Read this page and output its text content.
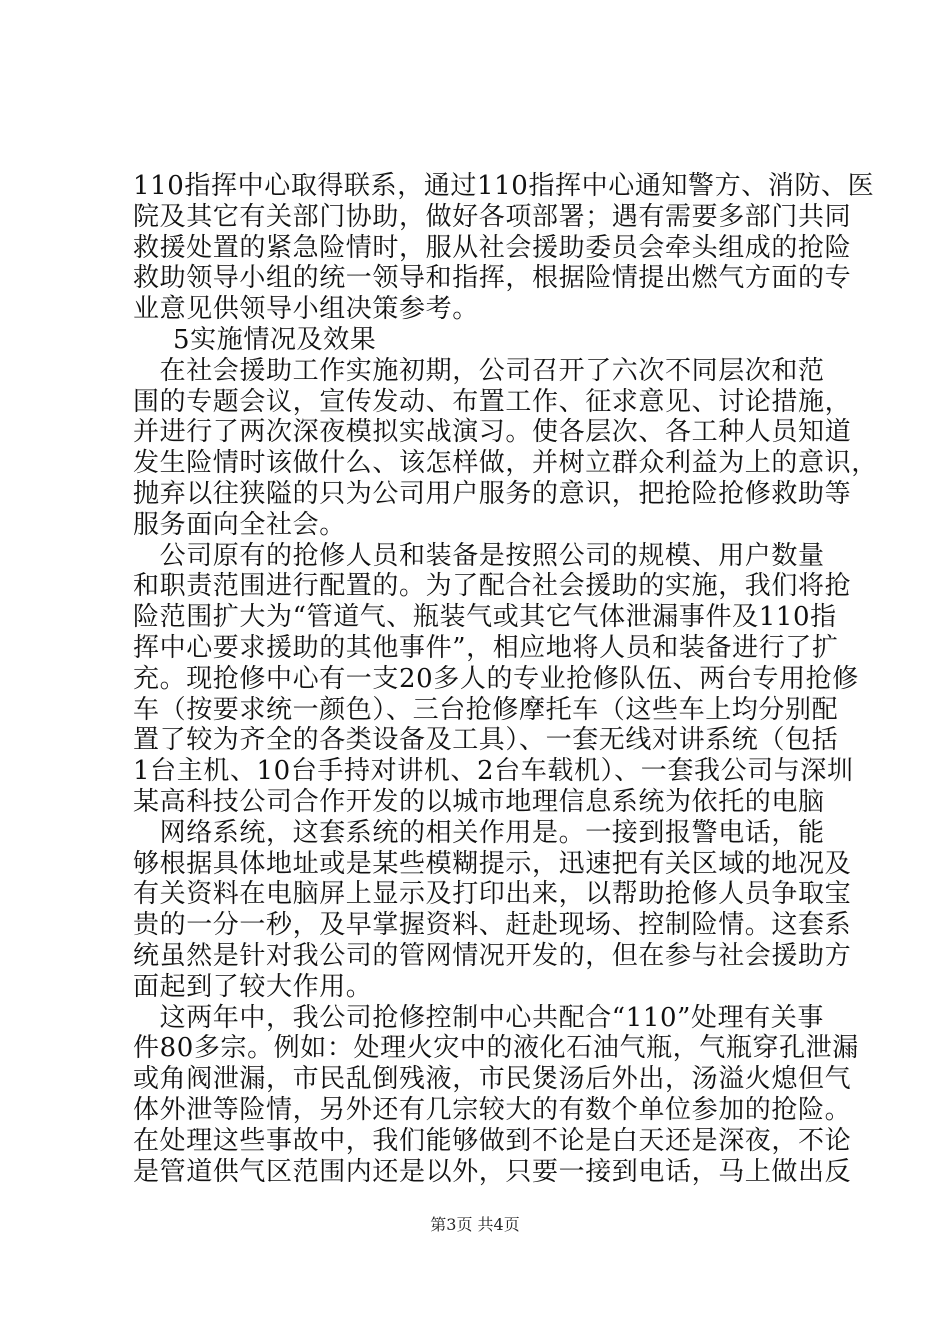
110指挥中心取得联系，通过110指挥中心通知警方、消防、医
院及其它有关部门协助，做好各项部署；遇有需要多部门共同
救援处置的紧急险情时，服从社会援助委员会牵头组成的抢险
救助领导小组的统一领导和指挥，根据险情提出燃气方面的专
业意见供领导小组决策参考。
5实施情况及效果
　在社会援助工作实施初期，公司召开了六次不同层次和范
围的专题会议，宣传发动、布置工作、征求意见、讨论措施，
并进行了两次深夜模拟实战演习。使各层次、各工种人员知道
发生险情时该做什么、该怎样做，并树立群众利益为上的意识，
抛弃以往狭隘的只为公司用户服务的意识，把抢险抢修救助等
服务面向全社会。
　公司原有的抢修人员和装备是按照公司的规模、用户数量
和职责范围进行配置的。为了配合社会援助的实施，我们将抢
险范围扩大为“管道气、瓶装气或其它气体泄漏事件及110指
挥中心要求援助的其他事件”，相应地将人员和装备进行了扩
充。现抢修中心有一支20多人的专业抢修队伍、两台专用抢修
车（按要求统一颜色）、三台抢修摩托车（这些车上均分别配
置了较为齐全的各类设备及工具）、一套无线对讲系统（包括
1台主机、10台手持对讲机、2台车载机）、一套我公司与深圳
某高科技公司合作开发的以城市地理信息系统为依托的电脑
　网络系统，这套系统的相关作用是。一接到报警电话，能
够根据具体地址或是某些模糊提示，迅速把有关区域的地况及
有关资料在电脑屏上显示及打印出来，以帮助抢修人员争取宝
贵的一分一秒，及早掌握资料、赶赴现场、控制险情。这套系
统虽然是针对我公司的管网情况开发的，但在参与社会援助方
面起到了较大作用。
　这两年中，我公司抢修控制中心共配合“110”处理有关事
件80多宗。例如：处理火灾中的液化石油气瓶，气瓶穿孔泄漏
或角阀泄漏，市民乱倒残液，市民煲汤后外出，汤溢火熄但气
体外泄等险情，另外还有几宗较大的有数个单位参加的抢险。
在处理这些事故中，我们能够做到不论是白天还是深夜，不论
是管道供气区范围内还是以外，只要一接到电话，马上做出反
第3页 共4页
